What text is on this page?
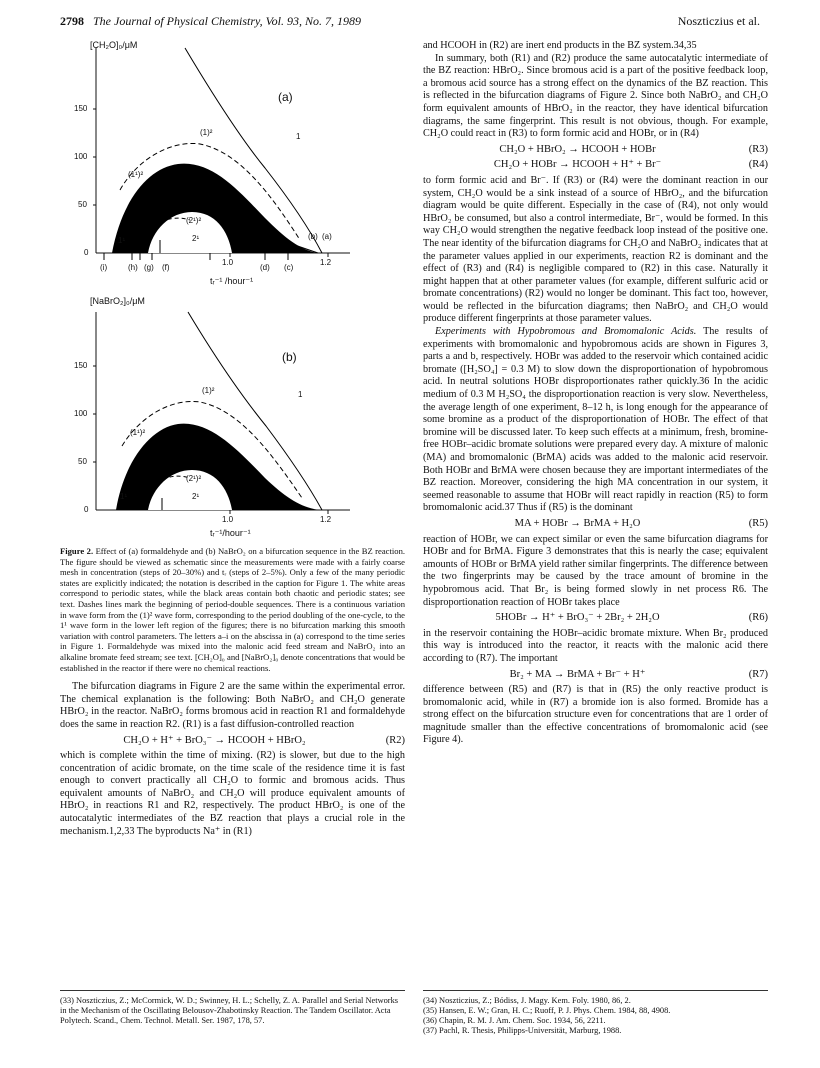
2798 The Journal of Physical Chemistry, Vol. 93, No. 7, 1989	Noszticzius et al.
[CH₂O]₀/μM
(a)
150
100
50
0
1.0	1.2
(i)	(h) (g) (f)
(e)
(d) (c)
(b) (a)
tᵣ⁻¹ /hour⁻¹
(1)²	1
(1¹)²
(2¹)²
1¹	2¹
[NaBrO₂]₀/μM
(b)
150
100
50
0
1.0	1.2
tᵣ⁻¹/hour⁻¹
(1)²	1
(1¹)²
(2¹)²
1¹	2¹
Figure 2. Effect of (a) formaldehyde and (b) NaBrO₂ on a bifurcation sequence in the BZ reaction. The figure should be viewed as schematic since the measurements were made with a fairly coarse mesh in concentration (steps of 20–30%) and tᵣ (steps of 2–5%). Only a few of the many periodic states are explicitly indicated; the notation is described in the caption for Figure 1. The white areas correspond to periodic states, while the black areas contain both chaotic and periodic states; see text. Dashes lines mark the beginning of period-double sequences. There is a continuous variation in wave form from the (1)² wave form, corresponding to the period doubling of the one-cycle, to the 1¹ wave form in the lower left region of the figures; there is no bifurcation marking this smooth variation with control parameters. The letters a–i on the abscissa in (a) correspond to the time series in Figure 1. Formaldehyde was mixed into the malonic acid feed stream and NaBrO₂ into an alkaline bromate feed stream; see text. [CH₂O]₀ and [NaBrO₂]₀ denote concentrations that would be established in the reactor if there were no chemical reactions.

The bifurcation diagrams in Figure 2 are the same within the experimental error. The chemical explanation is the following: Both NaBrO₂ and CH₂O generate HBrO₂ in the reactor. NaBrO₂ forms bromous acid in reaction R1 and formaldehyde does the same in reaction R2. (R1) is a fast diffusion-controlled reaction

CH₂O + H⁺ + BrO₃⁻ → HCOOH + HBrO₂	(R2)

which is complete within the time of mixing. (R2) is slower, but due to the high concentration of acidic bromate, on the time scale of the residence time it is fast enough to convert practically all CH₂O to formic and bromous acids. Thus equivalent amounts of NaBrO₂ and CH₂O will produce equivalent amounts of HBrO₂ in reactions R1 and R2, respectively. The product HBrO₂ is one of the autocatalytic intermediates of the BZ reaction that plays a crucial role in the mechanism.1,2,33 The byproducts Na⁺ in (R1)

and HCOOH in (R2) are inert end products in the BZ system.34,35

In summary, both (R1) and (R2) produce the same autocatalytic intermediate of the BZ reaction: HBrO₂. Since bromous acid is a part of the positive feedback loop, a bromous acid source has a strong effect on the dynamics of the BZ reaction. This is reflected in the bifurcation diagrams of Figure 2. Since both NaBrO₂ and CH₂O form equivalent amounts of HBrO₂ in the reactor, they have identical bifurcation diagrams, the same fingerprint. This result is not obvious, though. For example, CH₂O could react in (R3) to form formic acid and HOBr, or in (R4)

CH₂O + HBrO₂ → HCOOH + HOBr	(R3)
CH₂O + HOBr → HCOOH + H⁺ + Br⁻	(R4)

to form formic acid and Br⁻. If (R3) or (R4) were the dominant reaction in our system, CH₂O would be a sink instead of a source of HBrO₂, and the bifurcation diagram would be quite different. Especially in the case of (R4), not only would HBrO₂ be consumed, but also a control intermediate, Br⁻, would be formed. In this way CH₂O would strengthen the negative feedback loop instead of the positive one. The near identity of the bifurcation diagrams for CH₂O and NaBrO₂ indicates that at the parameter values applied in our experiments, reaction R2 is dominant and the effect of (R3) and (R4) is negligible compared to (R2) in this case. Naturally it might happen that at other parameter values (for example, different sulfuric acid or bromate concentrations) (R2) would no longer be dominant. This fact too, however, would be reflected in the bifurcation diagrams; then NaBrO₂ and CH₂O would produce different fingerprints at those parameter values.

Experiments with Hypobromous and Bromomalonic Acids. The results of experiments with bromomalonic and hypobromous acids are shown in Figures 3, parts a and b, respectively. HOBr was added to the reservoir which contained acidic bromate ([H₂SO₄] = 0.3 M) to slow down the disproportionation of hypobromous acid. In neutral solutions HOBr disproportionates rather quickly.36 In the acidic medium of 0.3 M H₂SO₄ the disproportionation reaction is very slow. Nevertheless, the average length of one experiment, 8–12 h, is long enough for the appearance of some bromine as a product of the disproportionation of HOBr. The effect of that bromine will be discussed later. To keep such effects at a minimum, fresh, bromine-free HOBr–acidic bromate solutions were prepared every day. A mixture of malonic (MA) and bromomalonic (BrMA) acids was added to the malonic acid reservoir. Both HOBr and BrMA were chosen because they are important intermediates of the BZ reaction. Moreover, considering the high MA concentration in our system, it seemed reasonable to assume that HOBr will react rapidly in reaction (R5) to form bromomalonic acid.37 Thus if (R5) is the dominant

MA + HOBr → BrMA + H₂O	(R5)

reaction of HOBr, we can expect similar or even the same bifurcation diagrams for HOBr and for BrMA. Figure 3 demonstrates that this is nearly the case; equivalent amounts of HOBr or BrMA yield rather similar fingerprints. The difference between the two fingerprints may be caused by the trace amount of bromine in the hypobromous acid. That Br₂ is being formed slowly in net process R6. The disproportionation reaction of HOBr takes place

5HOBr → H⁺ + BrO₃⁻ + 2Br₂ + 2H₂O	(R6)

in the reservoir containing the HOBr–acidic bromate mixture. When Br₂ produced this way is introduced into the reactor, it reacts with the malonic acid there according to (R7). The important

Br₂ + MA → BrMA + Br⁻ + H⁺	(R7)

difference between (R5) and (R7) is that in (R5) the only reactive product is bromomalonic acid, while in (R7) a bromide ion is also formed. Bromide has a strong effect on the bifurcation structure even for concentrations that are 1 order of magnitude smaller than the effective concentrations of bromomalonic acid (see Figure 4).

(33) Noszticzius, Z.; McCormick, W. D.; Swinney, H. L.; Schelly, Z. A. Parallel and Serial Networks in the Mechanism of the Oscillating Belousov-Zhabotinsky Reaction. The Tandem Oscillator. Acta Polytech. Scand., Chem. Technol. Metall. Ser. 1987, 178, 57.
(34) Noszticzius, Z.; Bódiss, J. Magy. Kem. Foly. 1980, 86, 2.
(35) Hansen, E. W.; Gran, H. C.; Ruoff, P. J. Phys. Chem. 1984, 88, 4908.
(36) Chapin, R. M. J. Am. Chem. Soc. 1934, 56, 2211.
(37) Pachl, R. Thesis, Philipps-Universität, Marburg, 1988.
